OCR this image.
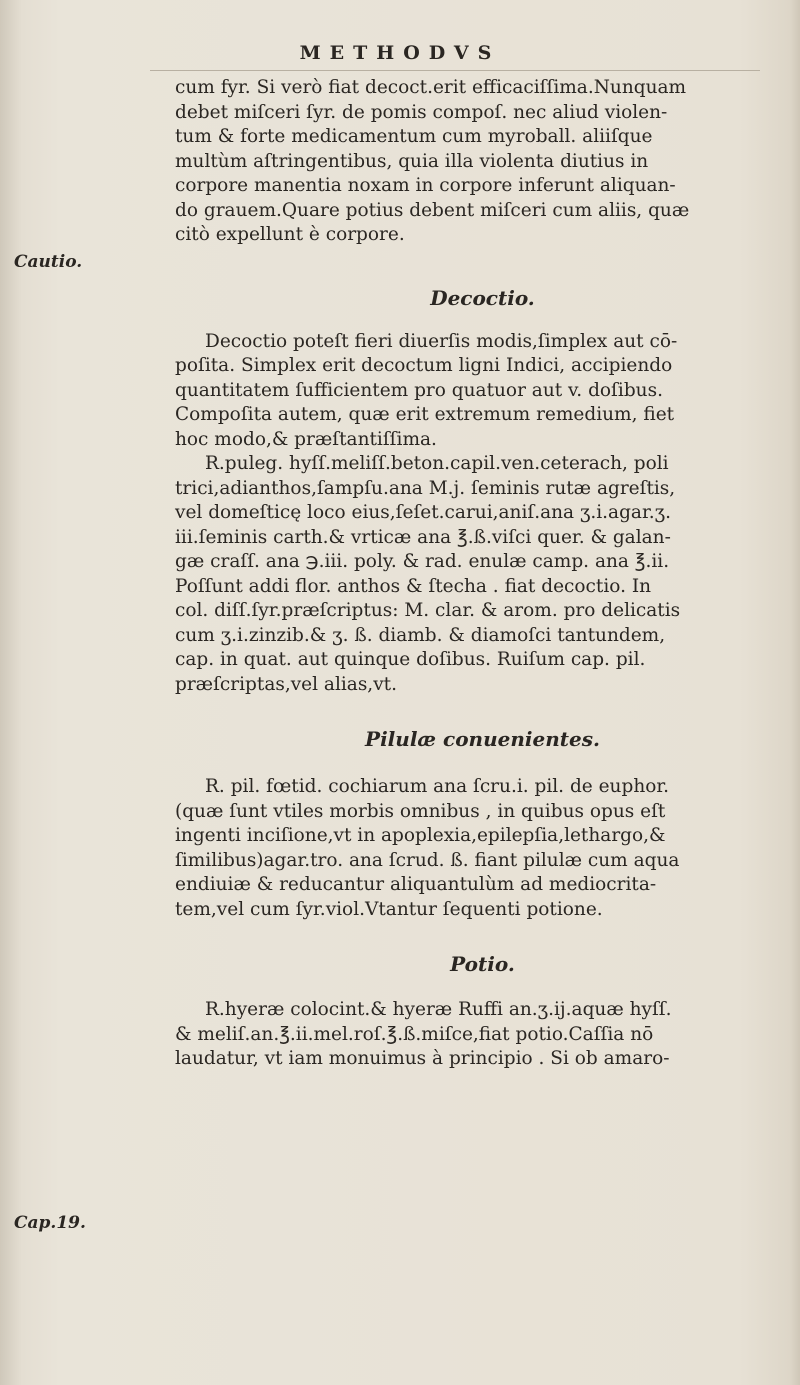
METHODVS
Cautio.
Cap.19.

cum fyr. Si verò fiat decoct.erit efficaciſſima.Nunquam

debet miſceri ſyr. de pomis compoſ. nec aliud violen-

tum & forte medicamentum cum myroball. aliiſque

multùm aſtringentibus, quia illa violenta diutius in

corpore manentia noxam in corpore inferunt aliquan-

do grauem.Quare potius debent miſceri cum aliis, quæ

citò expellunt è corpore.

Decoctio.

Decoctio poteſt fieri diuerſis modis,ſimplex aut cō-

poſita. Simplex erit decoctum ligni Indici, accipiendo

quantitatem ſufficientem pro quatuor aut v. doſibus.

Compoſita autem, quæ erit extremum remedium, fiet

hoc modo,& præſtantiſſima.

R.puleg. hyſſ.meliſſ.beton.capil.ven.ceterach, poli

trici,adianthos,ſampſu.ana M.j. ſeminis rutæ agreſtis,

vel domeſticę loco eius,ſeſet.carui,aniſ.ana ʒ.i.agar.ʒ.

iii.ſeminis carth.& vrticæ ana ℥.ß.viſci quer. & galan-

gæ craſſ. ana ℈.iii. poly. & rad. enulæ camp. ana ℥.ii.

Poſſunt addi flor. anthos & ſtecha . fiat decoctio. In

col. diſſ.ſyr.præſcriptus: M. clar. & arom. pro delicatis

cum ʒ.i.zinzib.& ʒ. ß. diamb. & diamoſci tantundem,

cap. in quat. aut quinque doſibus. Ruiſum cap. pil.

præſcriptas,vel alias,vt.

Pilulæ conuenientes.

R. pil. fœtid. cochiarum ana ſcru.i. pil. de euphor.

(quæ ſunt vtiles morbis omnibus , in quibus opus eſt

ingenti inciſione,vt in apoplexia,epilepſia,lethargo,&

ſimilibus)agar.tro. ana ſcrud. ß. fiant pilulæ cum aqua

endiuiæ & reducantur aliquantulùm ad mediocrita-

tem,vel cum ſyr.viol.Vtantur ſequenti potione.

Potio.

R.hyeræ colocint.& hyeræ Ruffi an.ʒ.ij.aquæ hyſſ.

& meliſ.an.℥.ii.mel.roſ.℥.ß.miſce,fiat potio.Caſſia nō

laudatur, vt iam monuimus à principio . Si ob amaro-
